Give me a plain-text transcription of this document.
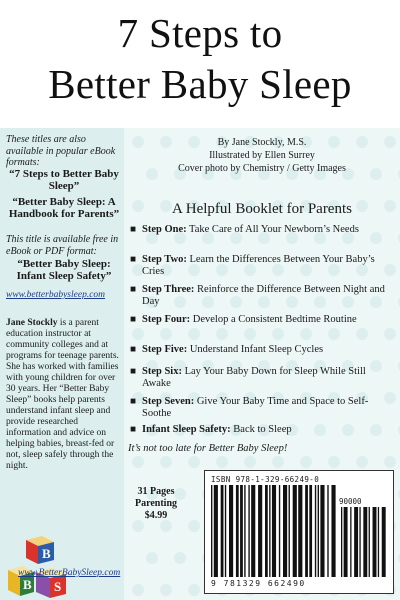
7 Steps to
Better Baby Sleep
These titles are also available in popular eBook formats:
“7 Steps to Better Baby Sleep”
“Better Baby Sleep: A Handbook for Parents”
This title is available free in eBook or PDF format:
“Better Baby Sleep: Infant Sleep Safety”
www.betterbabysleep.com
Jane Stockly is a parent education instructor at community colleges and at programs for teenage parents. She has worked with families with young children for over 30 years. Her “Better Baby Sleep” books help parents understand infant sleep and provide researched information and advice on helping babies, breast-fed or not, sleep safely through the night.
B
B S
www.BetterBabySleep.com
By Jane Stockly, M.S.
Illustrated by Ellen Surrey
Cover photo by Chemistry / Getty Images
A Helpful Booklet for Parents
■ Step One: Take Care of All Your Newborn’s Needs
■ Step Two: Learn the Differences Between Your Baby’s Cries
■ Step Three: Reinforce the Difference Between Night and Day
■ Step Four: Develop a Consistent Bedtime Routine
■ Step Five: Understand Infant Sleep Cycles
■ Step Six: Lay Your Baby Down for Sleep While Still Awake
■ Step Seven: Give Your Baby Time and Space to Self-Soothe
■ Infant Sleep Safety: Back to Sleep
It’s not too late for Better Baby Sleep!
31 Pages
Parenting
$4.99
ISBN 978-1-329-66249-0
90000
9 781329 662490
